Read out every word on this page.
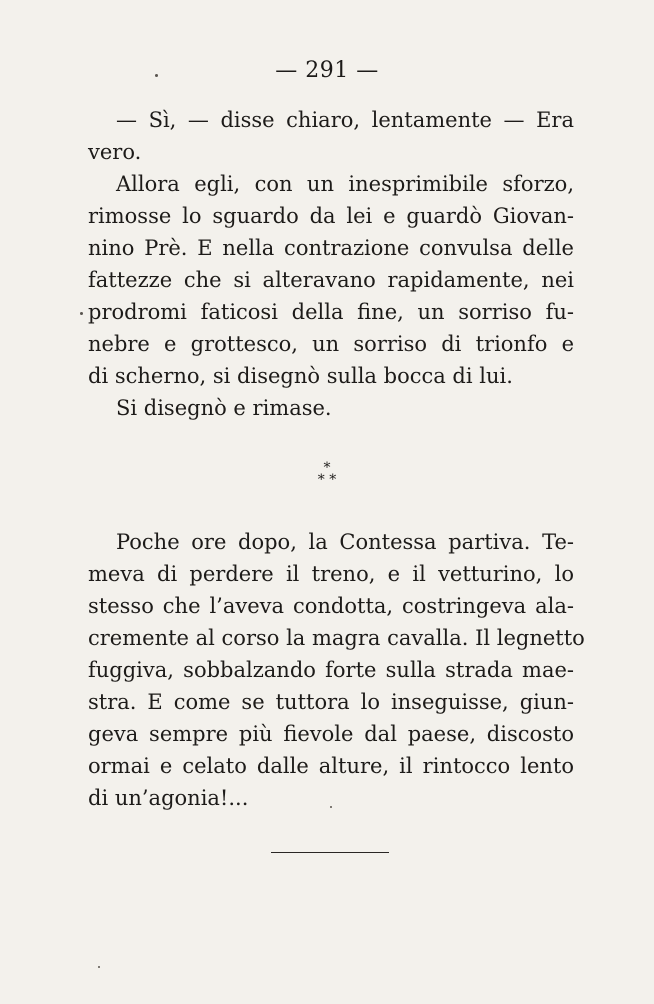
— 291 —
— Sì, — disse chiaro, lentamente — Era
vero.
Allora egli, con un inesprimibile sforzo,
rimosse lo sguardo da lei e guardò Giovan-
nino Prè. E nella contrazione convulsa delle
fattezze che si alteravano rapidamente, nei
prodromi faticosi della fine, un sorriso fu-
nebre e grottesco, un sorriso di trionfo e
di scherno, si disegnò sulla bocca di lui.
Si disegnò e rimase.
*
* *
Poche ore dopo, la Contessa partiva. Te-
meva di perdere il treno, e il vetturino, lo
stesso che l’aveva condotta, costringeva ala-
cremente al corso la magra cavalla. Il legnetto
fuggiva, sobbalzando forte sulla strada mae-
stra. E come se tuttora lo inseguisse, giun-
geva sempre più fievole dal paese, discosto
ormai e celato dalle alture, il rintocco lento
di un’agonia!...
